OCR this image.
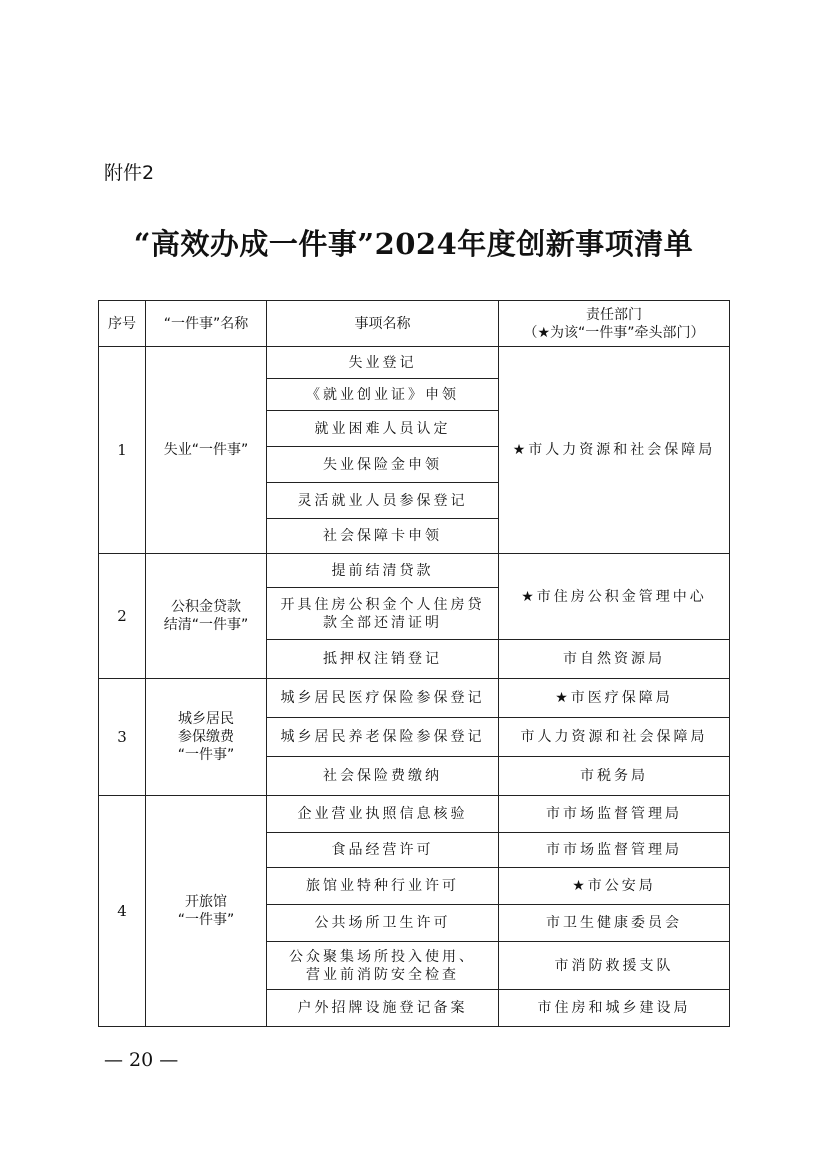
附件2
“高效办成一件事”2024年度创新事项清单
序号	“一件事”名称	事项名称	责任部门
（★为该“一件事”牵头部门）

1	失业“一件事”	失业登记	★市人力资源和社会保障局
		《就业创业证》申领	
		就业困难人员认定	
		失业保险金申领	
		灵活就业人员参保登记	
		社会保障卡申领	
2	公积金贷款
结清“一件事”	提前结清贷款	★市住房公积金管理中心
		开具住房公积金个人住房贷款全部还清证明	
		抵押权注销登记	市自然资源局
3	城乡居民
参保缴费
“一件事”	城乡居民医疗保险参保登记	★市医疗保障局
		城乡居民养老保险参保登记	市人力资源和社会保障局
		社会保险费缴纳	市税务局
4	开旅馆
“一件事”	企业营业执照信息核验	市市场监督管理局
		食品经营许可	市市场监督管理局
		旅馆业特种行业许可	★市公安局
		公共场所卫生许可	市卫生健康委员会
		公众聚集场所投入使用、营业前消防安全检查	市消防救援支队
		户外招牌设施登记备案	市住房和城乡建设局
— 20 —
